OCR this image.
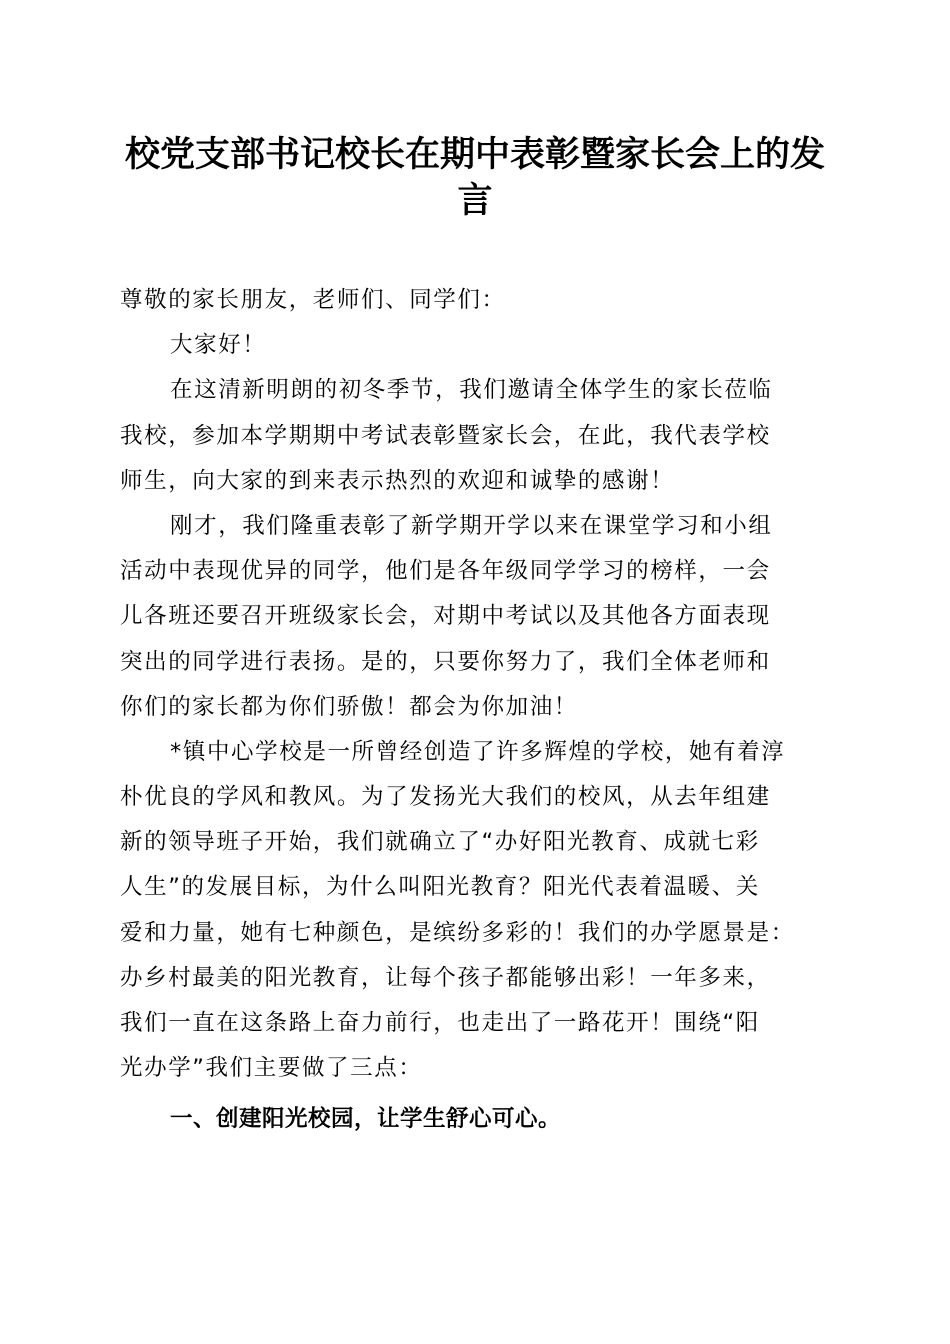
校党支部书记校长在期中表彰暨家长会上的发
言
尊敬的家长朋友，老师们、同学们：
大家好！
在这清新明朗的初冬季节，我们邀请全体学生的家长莅临
我校，参加本学期期中考试表彰暨家长会，在此，我代表学校
师生，向大家的到来表示热烈的欢迎和诚挚的感谢！
刚才，我们隆重表彰了新学期开学以来在课堂学习和小组
活动中表现优异的同学，他们是各年级同学学习的榜样，一会
儿各班还要召开班级家长会，对期中考试以及其他各方面表现
突出的同学进行表扬。是的，只要你努力了，我们全体老师和
你们的家长都为你们骄傲！都会为你加油！
*镇中心学校是一所曾经创造了许多辉煌的学校，她有着淳
朴优良的学风和教风。为了发扬光大我们的校风，从去年组建
新的领导班子开始，我们就确立了“办好阳光教育、成就七彩
人生”的发展目标，为什么叫阳光教育？阳光代表着温暖、关
爱和力量，她有七种颜色，是缤纷多彩的！我们的办学愿景是：
办乡村最美的阳光教育，让每个孩子都能够出彩！一年多来，
我们一直在这条路上奋力前行，也走出了一路花开！围绕“阳
光办学”我们主要做了三点：
一、创建阳光校园，让学生舒心可心。
